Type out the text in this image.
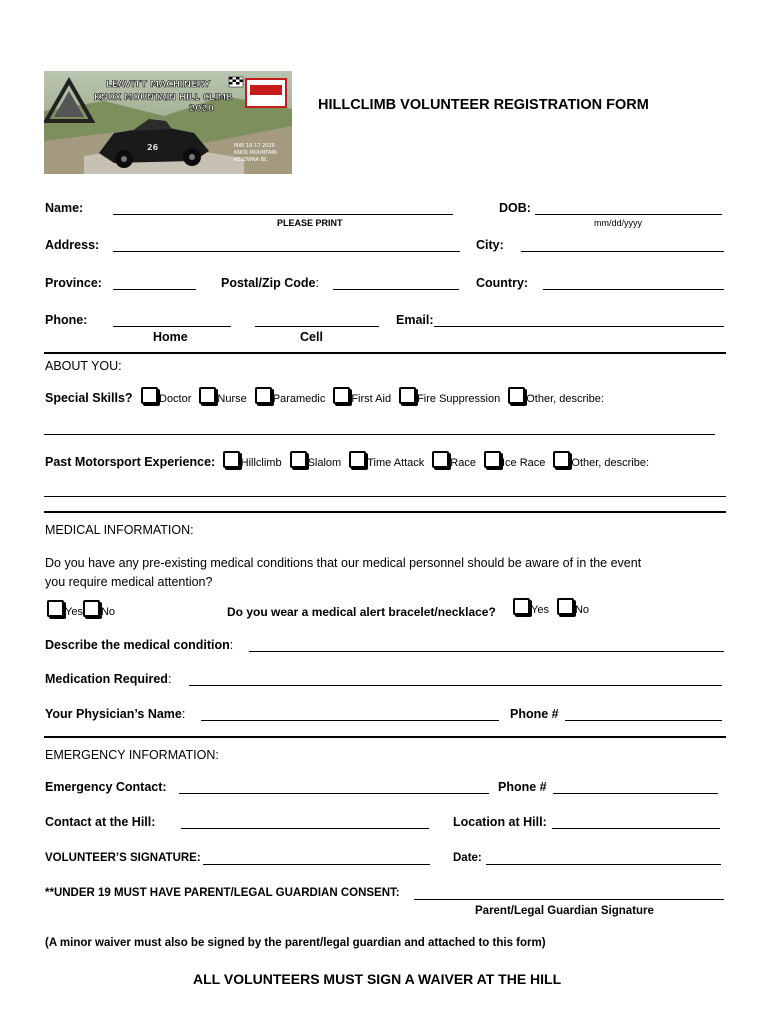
LEAVITT MACHINERY
KNOX MOUNTAIN HILL CLIMB
2020
26	MAY 16-17 2020
KNOX MOUNTAIN
KELOWNA BC
HILLCLIMB VOLUNTEER REGISTRATION FORM
Name:
PLEASE PRINT
DOB:
mm/dd/yyyy
Address:	City:
Province:	Postal/Zip Code:	Country:
Phone:
Home	Cell
Email:
ABOUT YOU:
Special Skills? Doctor Nurse Paramedic First Aid Fire Suppression Other, describe:
Past Motorsport Experience: Hillclimb Slalom Time Attack Race Ice Race Other, describe:
MEDICAL INFORMATION:
Do you have any pre-existing medical conditions that our medical personnel should be aware of in the event
you require medical attention?
Yes No	Do you wear a medical alert bracelet/necklace?	Yes No
Describe the medical condition:
Medication Required:
Your Physician’s Name:	Phone #
EMERGENCY INFORMATION:
Emergency Contact:	Phone #
Contact at the Hill:	Location at Hill:
VOLUNTEER’S SIGNATURE:	Date:
**UNDER 19 MUST HAVE PARENT/LEGAL GUARDIAN CONSENT:
Parent/Legal Guardian Signature
(A minor waiver must also be signed by the parent/legal guardian and attached to this form)
ALL VOLUNTEERS MUST SIGN A WAIVER AT THE HILL
